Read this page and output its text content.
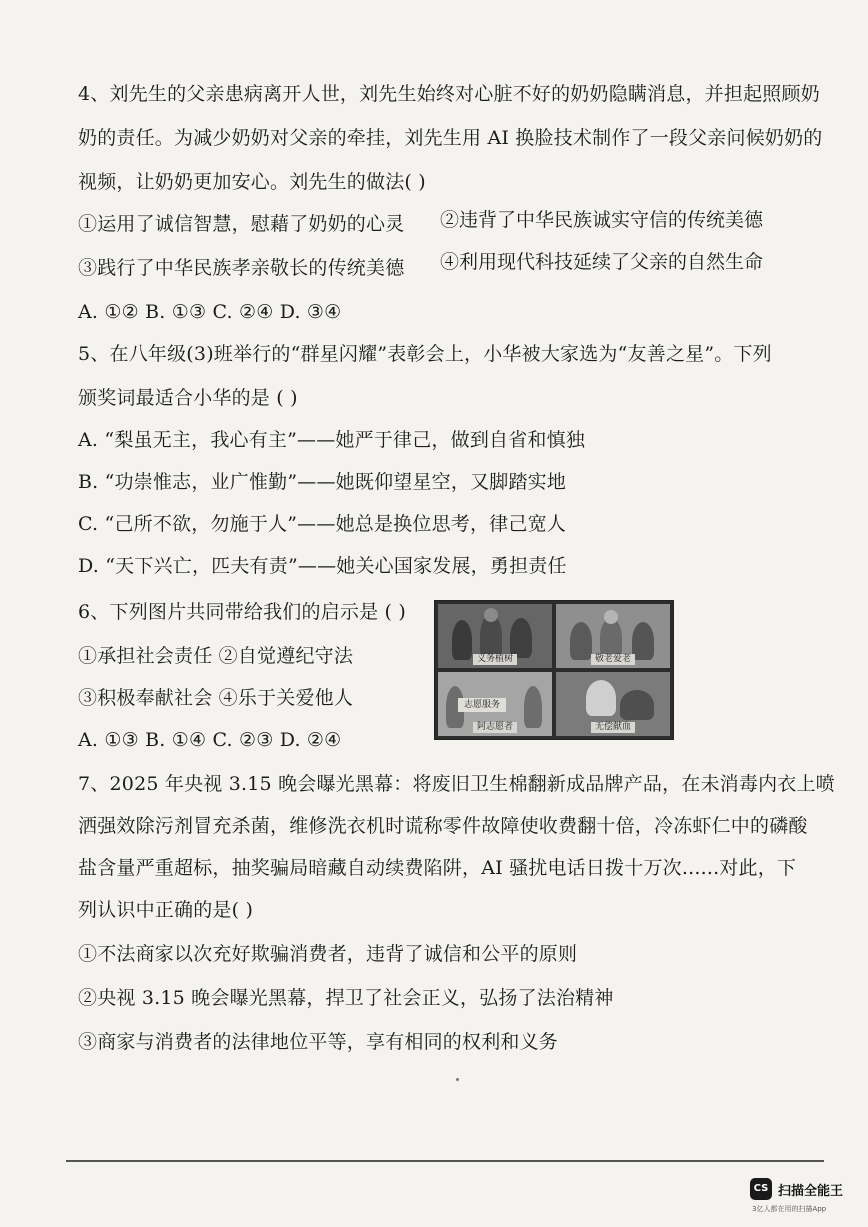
4、刘先生的父亲患病离开人世，刘先生始终对心脏不好的奶奶隐瞒消息，并担起照顾奶
奶的责任。为减少奶奶对父亲的牵挂，刘先生用 AI 换脸技术制作了一段父亲问候奶奶的
视频，让奶奶更加安心。刘先生的做法( )
①运用了诚信智慧，慰藉了奶奶的心灵 ②违背了中华民族诚实守信的传统美德
③践行了中华民族孝亲敬长的传统美德 ④利用现代科技延续了父亲的自然生命
A. ①② B. ①③ C. ②④ D. ③④
5、在八年级(3)班举行的“群星闪耀”表彰会上，小华被大家选为“友善之星”。下列
颁奖词最适合小华的是 ( )
A. “梨虽无主，我心有主”——她严于律己，做到自省和慎独
B. “功崇惟志，业广惟勤”——她既仰望星空，又脚踏实地
C. “己所不欲，勿施于人”——她总是换位思考，律己宽人
D. “天下兴亡，匹夫有责”——她关心国家发展，勇担责任
6、下列图片共同带给我们的启示是 ( )
①承担社会责任 ②自觉遵纪守法
③积极奉献社会 ④乐于关爱他人
A. ①③ B. ①④ C. ②③ D. ②④
义务植树	敬老爱老
志愿服务
阿志愿者	无偿献血
7、2025 年央视 3.15 晚会曝光黑幕：将废旧卫生棉翻新成品牌产品，在未消毒内衣上喷
洒强效除污剂冒充杀菌，维修洗衣机时谎称零件故障使收费翻十倍，冷冻虾仁中的磷酸
盐含量严重超标，抽奖骗局暗藏自动续费陷阱，AI 骚扰电话日拨十万次......对此，下
列认识中正确的是( )
①不法商家以次充好欺骗消费者，违背了诚信和公平的原则
②央视 3.15 晚会曝光黑幕，捍卫了社会正义，弘扬了法治精神
③商家与消费者的法律地位平等，享有相同的权利和义务
CS 扫描全能王
3亿人都在用的扫描App
